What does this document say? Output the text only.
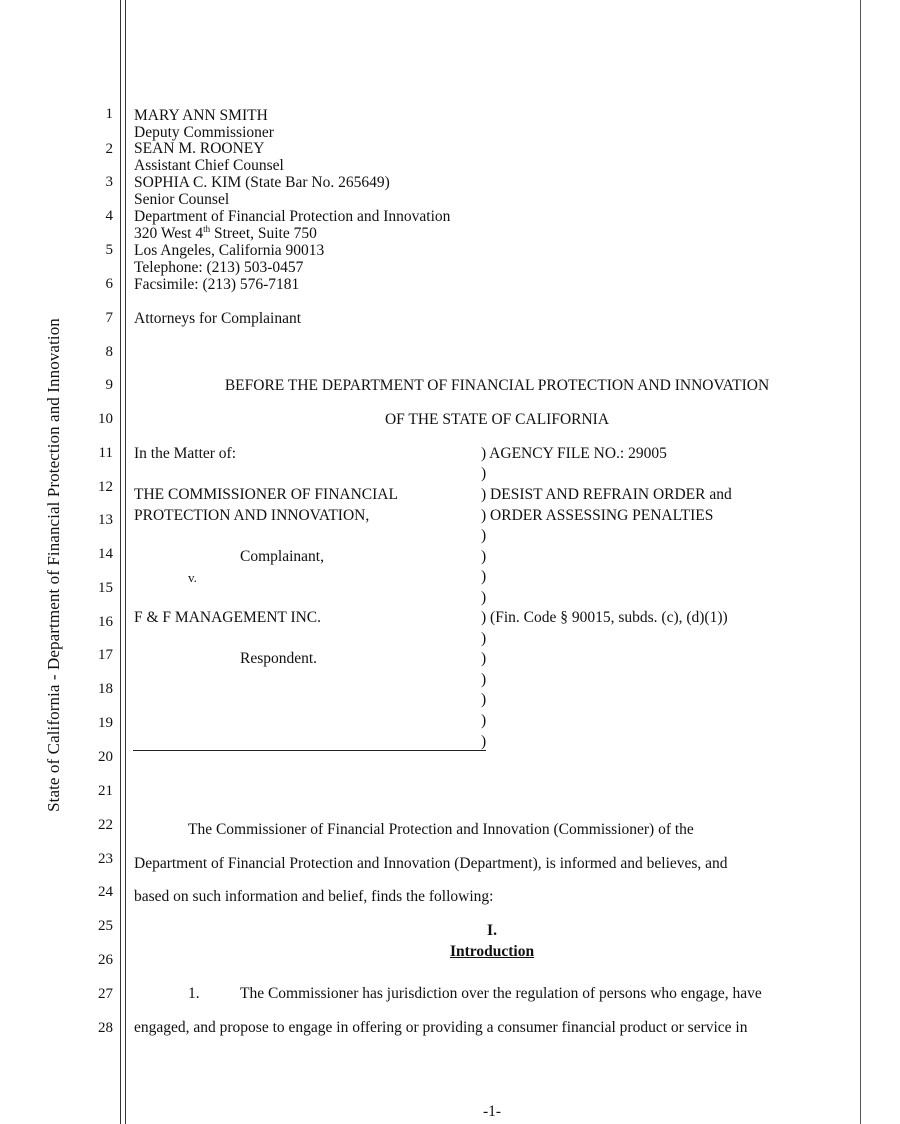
State of California - Department of Financial Protection and Innovation
1
2
3
4
5
6
7
8
9
10
11
12
13
14
15
16
17
18
19
20
21
22
23
24
25
26
27
28
MARY ANN SMITH
Deputy Commissioner
SEAN M. ROONEY
Assistant Chief Counsel
SOPHIA C. KIM (State Bar No. 265649)
Senior Counsel
Department of Financial Protection and Innovation
320 West 4th Street, Suite 750
Los Angeles, California 90013
Telephone: (213) 503-0457
Facsimile: (213) 576-7181
Attorneys for Complainant
BEFORE THE DEPARTMENT OF FINANCIAL PROTECTION AND INNOVATION
OF THE STATE OF CALIFORNIA
In the Matter of:
THE COMMISSIONER OF FINANCIAL
PROTECTION AND INNOVATION,
Complainant,
v.
F & F MANAGEMENT INC.
Respondent.
) AGENCY FILE NO.: 29005
)
) DESIST AND REFRAIN ORDER and
) ORDER ASSESSING PENALTIES
)
)
)
)
) (Fin. Code § 90015, subds. (c), (d)(1))
)
)
)
)
)
)
The Commissioner of Financial Protection and Innovation (Commissioner) of the
Department of Financial Protection and Innovation (Department), is informed and believes, and
based on such information and belief, finds the following:
I.
Introduction
1.	The Commissioner has jurisdiction over the regulation of persons who engage, have
engaged, and propose to engage in offering or providing a consumer financial product or service in
-1-
